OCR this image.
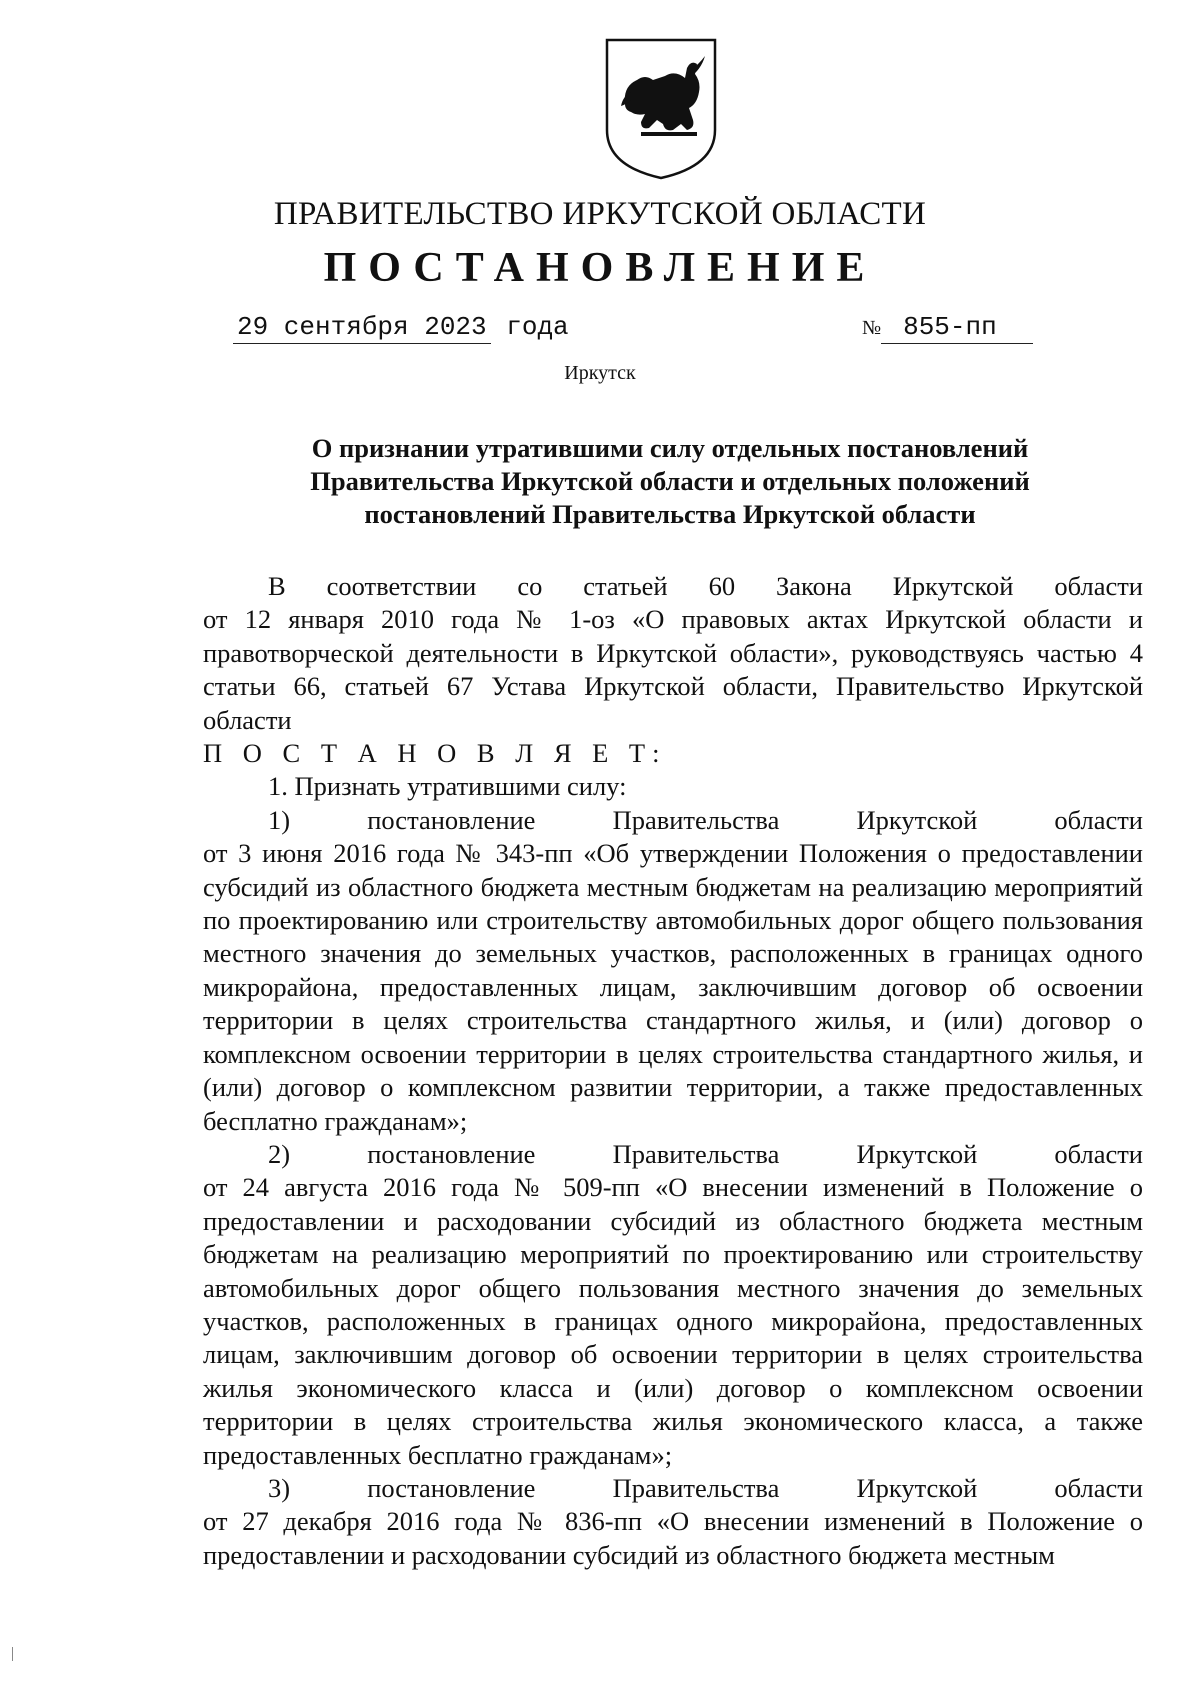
ПРАВИТЕЛЬСТВО ИРКУТСКОЙ ОБЛАСТИ
ПОСТАНОВЛЕНИЕ
29 сентября 2023 года	№ 855-пп
Иркутск
О признании утратившими силу отдельных постановлений
Правительства Иркутской области и отдельных положений
постановлений Правительства Иркутской области
В соответствии со статьей 60 Закона Иркутской области

от 12 января 2010 года № 1-оз «О правовых актах Иркутской области и правотворческой деятельности в Иркутской области», руководствуясь частью 4 статьи 66, статьей 67 Устава Иркутской области, Правительство Иркутской области

П О С Т А Н О В Л Я Е Т:

1. Признать утратившими силу:

1)	постановление	Правительства	Иркутской	области

от 3 июня 2016 года № 343-пп «Об утверждении Положения о предоставлении субсидий из областного бюджета местным бюджетам на реализацию мероприятий по проектированию или строительству автомобильных дорог общего пользования местного значения до земельных участков, расположенных в границах одного микрорайона, предоставленных лицам, заключившим договор об освоении территории в целях строительства стандартного жилья, и (или) договор о комплексном освоении территории в целях строительства стандартного жилья, и (или) договор о комплексном развитии территории, а также предоставленных бесплатно гражданам»;

2)	постановление	Правительства	Иркутской	области

от 24 августа 2016 года № 509-пп «О внесении изменений в Положение о предоставлении и расходовании субсидий из областного бюджета местным бюджетам на реализацию мероприятий по проектированию или строительству автомобильных дорог общего пользования местного значения до земельных участков, расположенных в границах одного микрорайона, предоставленных лицам, заключившим договор об освоении территории в целях строительства жилья экономического класса и (или) договор о комплексном освоении территории в целях строительства жилья экономического класса, а также предоставленных бесплатно гражданам»;

3)	постановление	Правительства	Иркутской	области

от 27 декабря 2016 года № 836-пп «О внесении изменений в Положение о предоставлении и расходовании субсидий из областного бюджета местным
